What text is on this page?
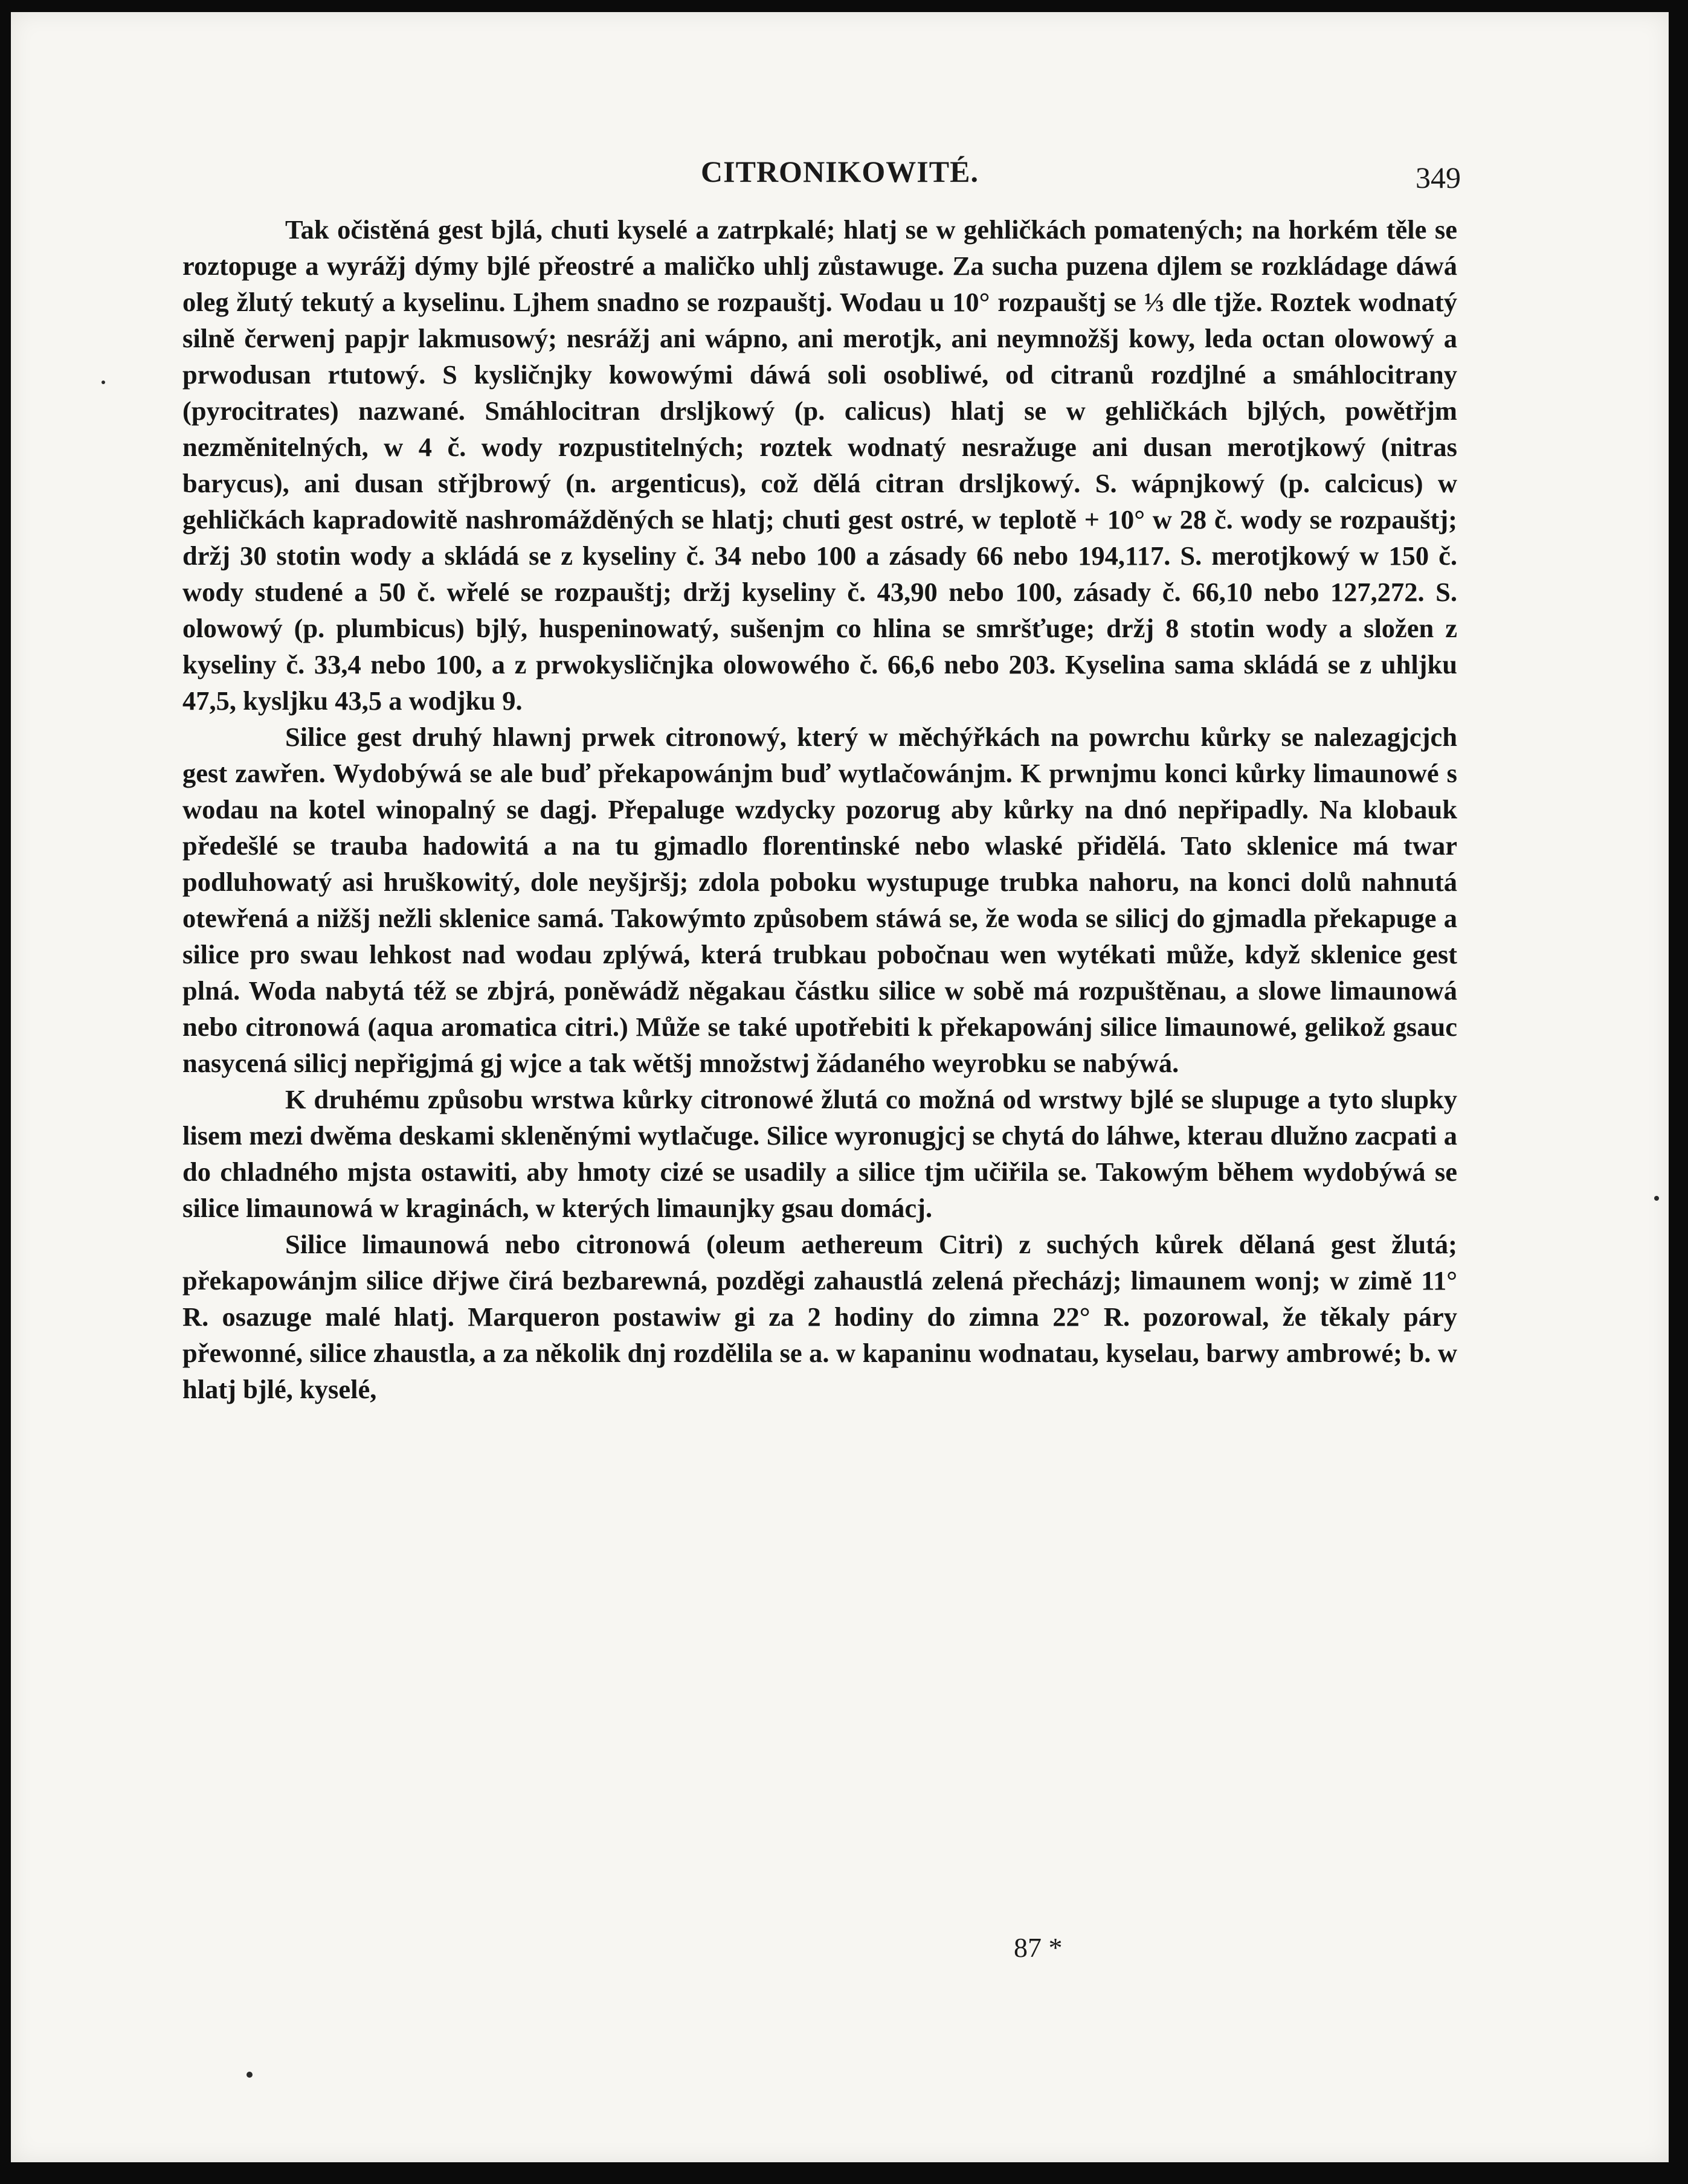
CITRONIKOWITÉ.	349

Tak očistěná gest bjlá, chuti kyselé a zatrpkalé; hlatj se w gehličkách pomatených; na horkém těle se roztopuge a wyrážj dýmy bjlé přeostré a maličko uhlj zůstawuge. Za sucha puzena djlem se rozkládage dáwá oleg žlutý tekutý a kyselinu. Ljhem snadno se rozpauštj. Wodau u 10° rozpauštj se ⅓ dle tjže. Roztek wodnatý silně čerwenj papjr lakmusowý; nesrážj ani wápno, ani merotjk, ani neymnožšj kowy, leda octan olowowý a prwodusan rtutowý. S kysličnjky kowowými dáwá soli osobliwé, od citranů rozdjlné a smáhlocitrany (pyrocitrates) nazwané. Smáhlocitran drsljkowý (p. calicus) hlatj se w gehličkách bjlých, powětřjm nezměnitelných, w 4 č. wody rozpustitelných; roztek wodnatý nesražuge ani dusan merotjkowý (nitras barycus), ani dusan střjbrowý (n. argenticus), což dělá citran drsljkowý. S. wápnjkowý (p. calcicus) w gehličkách kapradowitě nashromážděných se hlatj; chuti gest ostré, w teplotě + 10° w 28 č. wody se rozpauštj; držj 30 stotin wody a skládá se z kyseliny č. 34 nebo 100 a zásady 66 nebo 194,117. S. merotjkowý w 150 č. wody studené a 50 č. wřelé se rozpauštj; držj kyseliny č. 43,90 nebo 100, zásady č. 66,10 nebo 127,272. S. olowowý (p. plumbicus) bjlý, huspeninowatý, sušenjm co hlina se smršťuge; držj 8 stotin wody a složen z kyseliny č. 33,4 nebo 100, a z prwokysličnjka olowowého č. 66,6 nebo 203. Kyselina sama skládá se z uhljku 47,5, kysljku 43,5 a wodjku 9.

Silice gest druhý hlawnj prwek citronowý, který w měchýřkách na powrchu kůrky se nalezagjcjch gest zawřen. Wydobýwá se ale buď překapowánjm buď wytlačowánjm. K prwnjmu konci kůrky limaunowé s wodau na kotel winopalný se dagj. Přepaluge wzdycky pozorug aby kůrky na dnó nepřipadly. Na klobauk předešlé se trauba hadowitá a na tu gjmadlo florentinské nebo wlaské přidělá. Tato sklenice má twar podluhowatý asi hruškowitý, dole neyšjršj; zdola poboku wystupuge trubka nahoru, na konci dolů nahnutá otewřená a nižšj nežli sklenice samá. Takowýmto způsobem stáwá se, že woda se silicj do gjmadla překapuge a silice pro swau lehkost nad wodau zplýwá, která trubkau pobočnau wen wytékati může, když sklenice gest plná. Woda nabytá též se zbjrá, poněwádž něgakau částku silice w sobě má rozpuštěnau, a slowe limaunowá nebo citronowá (aqua aromatica citri.) Může se také upotřebiti k překapowánj silice limaunowé, gelikož gsauc nasycená silicj nepřigjmá gj wjce a tak wětšj množstwj žádaného weyrobku se nabýwá.

K druhému způsobu wrstwa kůrky citronowé žlutá co možná od wrstwy bjlé se slupuge a tyto slupky lisem mezi dwěma deskami skleněnými wytlačuge. Silice wyronugjcj se chytá do láhwe, kterau dlužno zacpati a do chladného mjsta ostawiti, aby hmoty cizé se usadily a silice tjm učiřila se. Takowým během wydobýwá se silice limaunowá w kraginách, w kterých limaunjky gsau domácj.

Silice limaunowá nebo citronowá (oleum aethereum Citri) z suchých kůrek dělaná gest žlutá; překapowánjm silice dřjwe čirá bezbarewná, pozděgi zahaustlá zelená přecházj; limaunem wonj; w zimě 11° R. osazuge malé hlatj. Marqueron postawiw gi za 2 hodiny do zimna 22° R. pozorowal, že těkaly páry přewonné, silice zhaustla, a za několik dnj rozdělila se a. w kapaninu wodnatau, kyselau, barwy ambrowé; b. w hlatj bjlé, kyselé,

87 *
